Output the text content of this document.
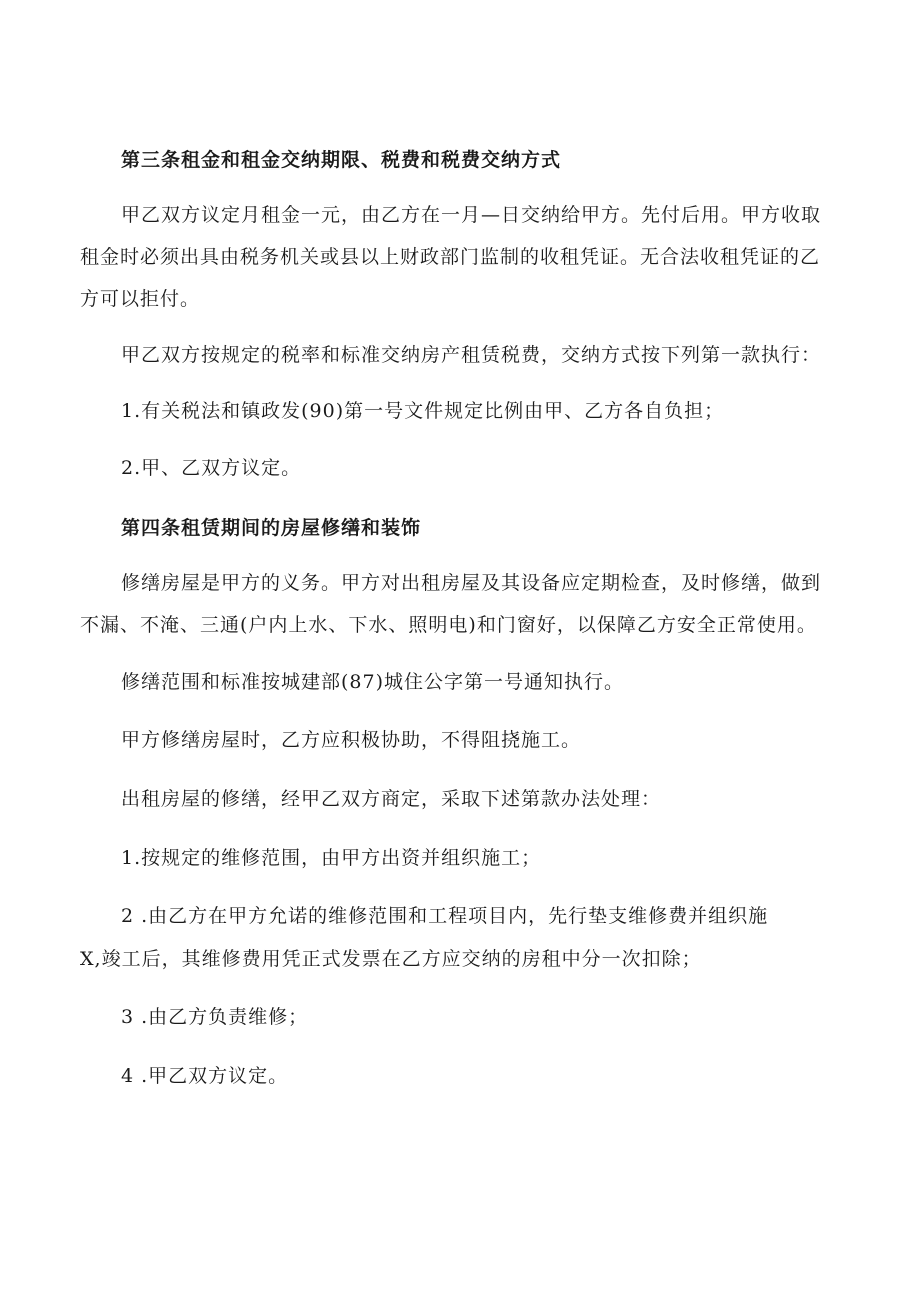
第三条租金和租金交纳期限、税费和税费交纳方式
甲乙双方议定月租金一元，由乙方在一月—日交纳给甲方。先付后用。甲方收取
租金时必须出具由税务机关或县以上财政部门监制的收租凭证。无合法收租凭证的乙
方可以拒付。
甲乙双方按规定的税率和标准交纳房产租赁税费，交纳方式按下列第一款执行：
1.有关税法和镇政发(90)第一号文件规定比例由甲、乙方各自负担；
2.甲、乙双方议定。
第四条租赁期间的房屋修缮和装饰
修缮房屋是甲方的义务。甲方对出租房屋及其设备应定期检查，及时修缮，做到
不漏、不淹、三通(户内上水、下水、照明电)和门窗好，以保障乙方安全正常使用。
修缮范围和标准按城建部(87)城住公字第一号通知执行。
甲方修缮房屋时，乙方应积极协助，不得阻挠施工。
出租房屋的修缮，经甲乙双方商定，采取下述第款办法处理：
1.按规定的维修范围，由甲方出资并组织施工；
2 .由乙方在甲方允诺的维修范围和工程项目内，先行垫支维修费并组织施
X,竣工后，其维修费用凭正式发票在乙方应交纳的房租中分一次扣除；
3 .由乙方负责维修；
4 .甲乙双方议定。
